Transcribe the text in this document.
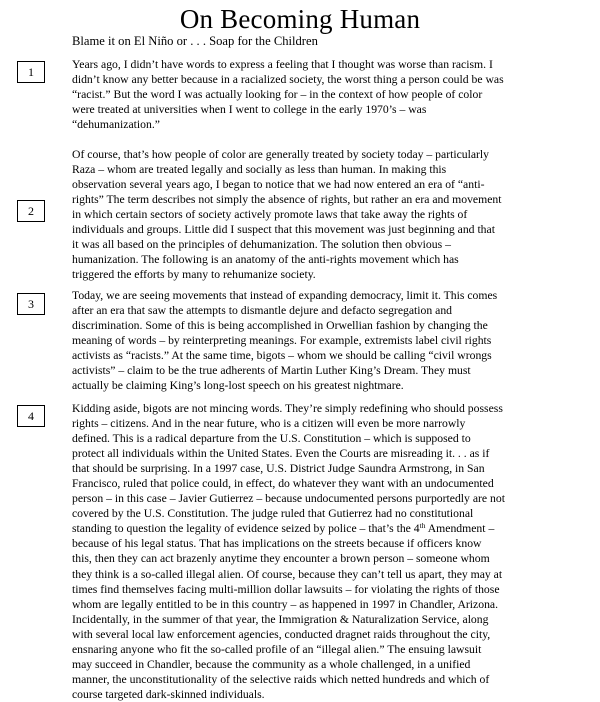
On Becoming Human
Blame it on El Niño or . . . Soap for the Children
1
Years ago, I didn’t have words to express a feeling that I thought was worse than racism. I
didn’t know any better because in a racialized society, the worst thing a person could be was
“racist.” But the word I was actually looking for – in the context of how people of color
were treated at universities when I went to college in the early 1970’s – was
“dehumanization.”
2
Of course, that’s how people of color are generally treated by society today – particularly
Raza – whom are treated legally and socially as less than human. In making this
observation several years ago, I began to notice that we had now entered an era of “anti-
rights” The term describes not simply the absence of rights, but rather an era and movement
in which certain sectors of society actively promote laws that take away the rights of
individuals and groups. Little did I suspect that this movement was just beginning and that
it was all based on the principles of dehumanization. The solution then obvious –
humanization. The following is an anatomy of the anti-rights movement which has
triggered the efforts by many to rehumanize society.
3
Today, we are seeing movements that instead of expanding democracy, limit it. This comes
after an era that saw the attempts to dismantle dejure and defacto segregation and
discrimination. Some of this is being accomplished in Orwellian fashion by changing the
meaning of words – by reinterpreting meanings. For example, extremists label civil rights
activists as “racists.” At the same time, bigots – whom we should be calling “civil wrongs
activists” – claim to be the true adherents of Martin Luther King’s Dream. They must
actually be claiming King’s long-lost speech on his greatest nightmare.
4
Kidding aside, bigots are not mincing words. They’re simply redefining who should possess
rights – citizens. And in the near future, who is a citizen will even be more narrowly
defined. This is a radical departure from the U.S. Constitution – which is supposed to
protect all individuals within the United States. Even the Courts are misreading it. . . as if
that should be surprising. In a 1997 case, U.S. District Judge Saundra Armstrong, in San
Francisco, ruled that police could, in effect, do whatever they want with an undocumented
person – in this case – Javier Gutierrez – because undocumented persons purportedly are not
covered by the U.S. Constitution. The judge ruled that Gutierrez had no constitutional
standing to question the legality of evidence seized by police – that’s the 4th Amendment –
because of his legal status. That has implications on the streets because if officers know
this, then they can act brazenly anytime they encounter a brown person – someone whom
they think is a so-called illegal alien. Of course, because they can’t tell us apart, they may at
times find themselves facing multi-million dollar lawsuits – for violating the rights of those
whom are legally entitled to be in this country – as happened in 1997 in Chandler, Arizona.
Incidentally, in the summer of that year, the Immigration & Naturalization Service, along
with several local law enforcement agencies, conducted dragnet raids throughout the city,
ensnaring anyone who fit the so-called profile of an “illegal alien.” The ensuing lawsuit
may succeed in Chandler, because the community as a whole challenged, in a unified
manner, the unconstitutionality of the selective raids which netted hundreds and which of
course targeted dark-skinned individuals.
